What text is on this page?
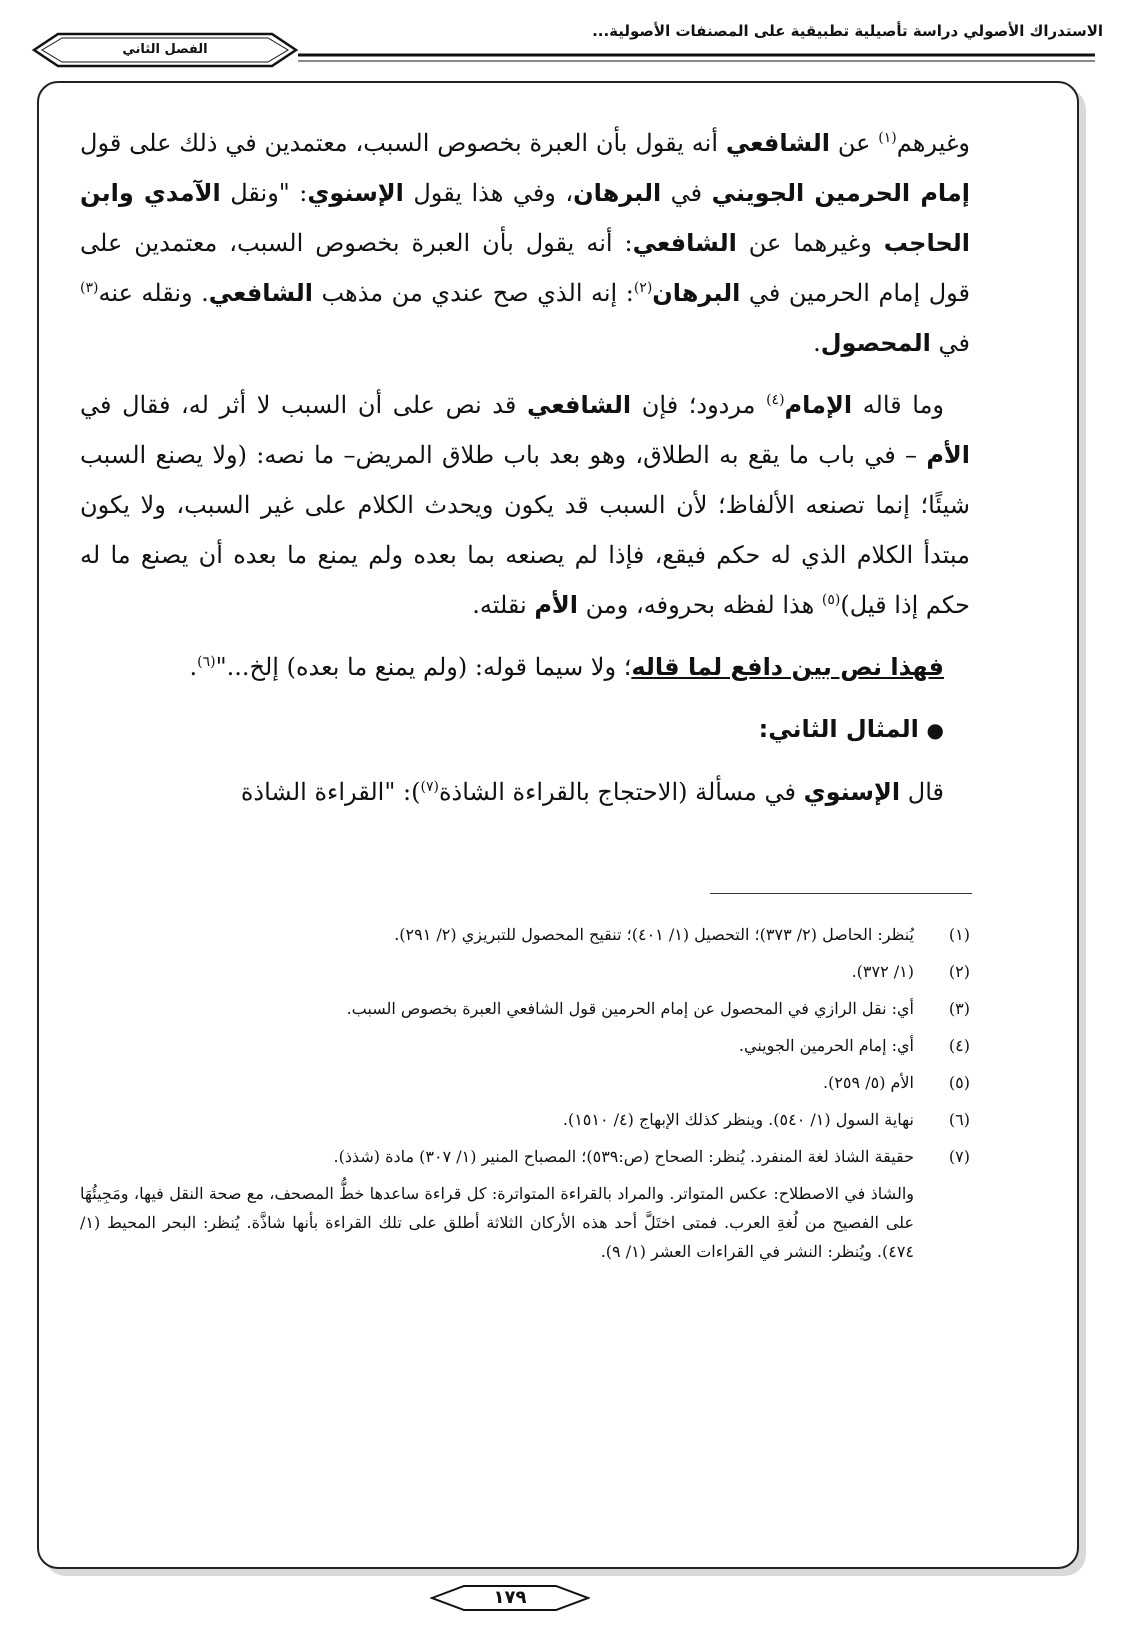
الاستدراك الأصولي دراسة تأصيلية تطبيقية على المصنفات الأصولية...
الفصل الثاني

وغيرهم$^{(١)}$ عن الشافعي أنه يقول بأن العبرة بخصوص السبب، معتمدين في ذلك على قول إمام الحرمين الجويني في البرهان، وفي هذا يقول الإسنوي: "ونقل الآمدي وابن الحاجب وغيرهما عن الشافعي: أنه يقول بأن العبرة بخصوص السبب، معتمدين على قول إمام الحرمين في البرهان$^{(٢)}$: إنه الذي صح عندي من مذهب الشافعي. ونقله عنه$^{(٣)}$ في المحصول.

وما قاله الإمام$^{(٤)}$ مردود؛ فإن الشافعي قد نص على أن السبب لا أثر له، فقال في الأم – في باب ما يقع به الطلاق، وهو بعد باب طلاق المريض– ما نصه: (ولا يصنع السبب شيئًا؛ إنما تصنعه الألفاظ؛ لأن السبب قد يكون ويحدث الكلام على غير السبب، ولا يكون مبتدأ الكلام الذي له حكم فيقع، فإذا لم يصنعه بما بعده ولم يمنع ما بعده أن يصنع ما له حكم إذا قيل)$^{(٥)}$ هذا لفظه بحروفه، ومن الأم نقلته.

فهذا نص بين دافع لما قاله؛ ولا سيما قوله: (ولم يمنع ما بعده) إلخ..."$^{(٦)}$.

● المثال الثاني:

قال الإسنوي في مسألة (الاحتجاج بالقراءة الشاذة$^{(٧)}$): "القراءة الشاذة

(١)يُنظر: الحاصل (٢/ ٣٧٣)؛ التحصيل (١/ ٤٠١)؛ تنقيح المحصول للتبريزي (٢/ ٢٩١).
(٢)(١/ ٣٧٢).
(٣)أي: نقل الرازي في المحصول عن إمام الحرمين قول الشافعي العبرة بخصوص السبب.
(٤)أي: إمام الحرمين الجويني.
(٥)الأم (٥/ ٢٥٩).
(٦)نهاية السول (١/ ٥٤٠). وينظر كذلك الإبهاج (٤/ ١٥١٠).
(٧)حقيقة الشاذ لغة المنفرد. يُنظر: الصحاح (ص:٥٣٩)؛ المصباح المنير (١/ ٣٠٧) مادة (شذذ).

والشاذ في الاصطلاح: عكس المتواتر. والمراد بالقراءة المتواترة: كل قراءة ساعدها خطُّ المصحف، مع صحة النقل فيها، ومَجِيئُهَا على الفصيح من لُغةِ العرب. فمتى اختَلَّ أحد هذه الأركان الثلاثة أطلق على تلك القراءة بأنها شاذَّة. يُنظر: البحر المحيط (١/ ٤٧٤). ويُنظر: النشر في القراءات العشر (١/ ٩).

١٧٩
